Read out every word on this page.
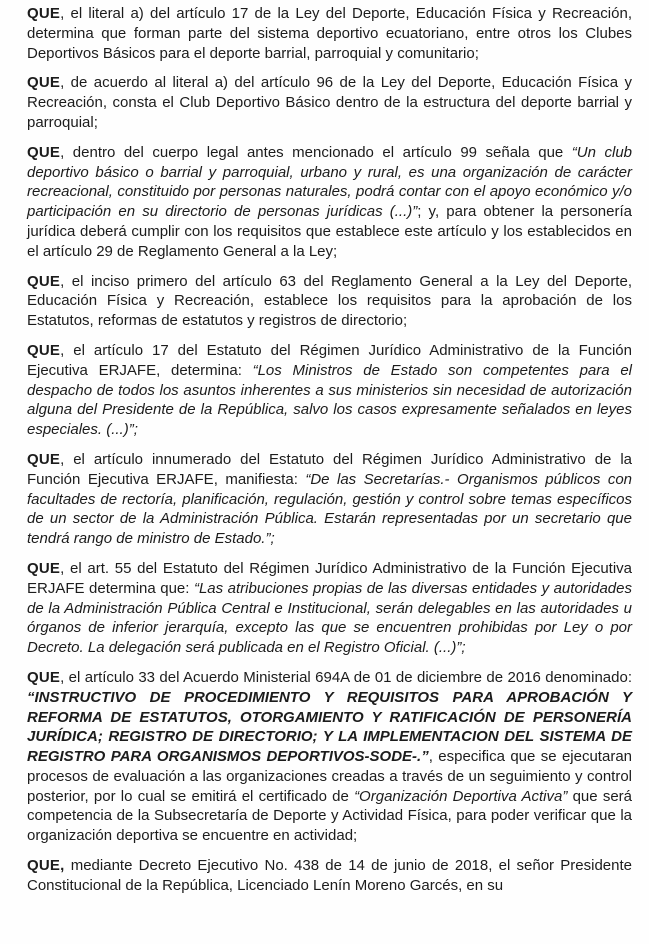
QUE, el literal a) del artículo 17 de la Ley del Deporte, Educación Física y Recreación, determina que forman parte del sistema deportivo ecuatoriano, entre otros los Clubes Deportivos Básicos para el deporte barrial, parroquial y comunitario;

QUE, de acuerdo al literal a) del artículo 96 de la Ley del Deporte, Educación Física y Recreación, consta el Club Deportivo Básico dentro de la estructura del deporte barrial y parroquial;

QUE, dentro del cuerpo legal antes mencionado el artículo 99 señala que “Un club deportivo básico o barrial y parroquial, urbano y rural, es una organización de carácter recreacional, constituido por personas naturales, podrá contar con el apoyo económico y/o participación en su directorio de personas jurídicas (...)”; y, para obtener la personería jurídica deberá cumplir con los requisitos que establece este artículo y los establecidos en el artículo 29 de Reglamento General a la Ley;

QUE, el inciso primero del artículo 63 del Reglamento General a la Ley del Deporte, Educación Física y Recreación, establece los requisitos para la aprobación de los Estatutos, reformas de estatutos y registros de directorio;

QUE, el artículo 17 del Estatuto del Régimen Jurídico Administrativo de la Función Ejecutiva ERJAFE, determina: “Los Ministros de Estado son competentes para el despacho de todos los asuntos inherentes a sus ministerios sin necesidad de autorización alguna del Presidente de la República, salvo los casos expresamente señalados en leyes especiales. (...)”;

QUE, el artículo innumerado del Estatuto del Régimen Jurídico Administrativo de la Función Ejecutiva ERJAFE, manifiesta: “De las Secretarías.- Organismos públicos con facultades de rectoría, planificación, regulación, gestión y control sobre temas específicos de un sector de la Administración Pública. Estarán representadas por un secretario que tendrá rango de ministro de Estado.”;

QUE, el art. 55 del Estatuto del Régimen Jurídico Administrativo de la Función Ejecutiva ERJAFE determina que: “Las atribuciones propias de las diversas entidades y autoridades de la Administración Pública Central e Institucional, serán delegables en las autoridades u órganos de inferior jerarquía, excepto las que se encuentren prohibidas por Ley o por Decreto. La delegación será publicada en el Registro Oficial. (...)”;

QUE, el artículo 33 del Acuerdo Ministerial 694A de 01 de diciembre de 2016 denominado: “INSTRUCTIVO DE PROCEDIMIENTO Y REQUISITOS PARA APROBACIÓN Y REFORMA DE ESTATUTOS, OTORGAMIENTO Y RATIFICACIÓN DE PERSONERÍA JURÍDICA; REGISTRO DE DIRECTORIO; Y LA IMPLEMENTACION DEL SISTEMA DE REGISTRO PARA ORGANISMOS DEPORTIVOS-SODE-.”, especifica que se ejecutaran procesos de evaluación a las organizaciones creadas a través de un seguimiento y control posterior, por lo cual se emitirá el certificado de “Organización Deportiva Activa” que será competencia de la Subsecretaría de Deporte y Actividad Física, para poder verificar que la organización deportiva se encuentre en actividad;

QUE, mediante Decreto Ejecutivo No. 438 de 14 de junio de 2018, el señor Presidente Constitucional de la República, Licenciado Lenín Moreno Garcés, en su
